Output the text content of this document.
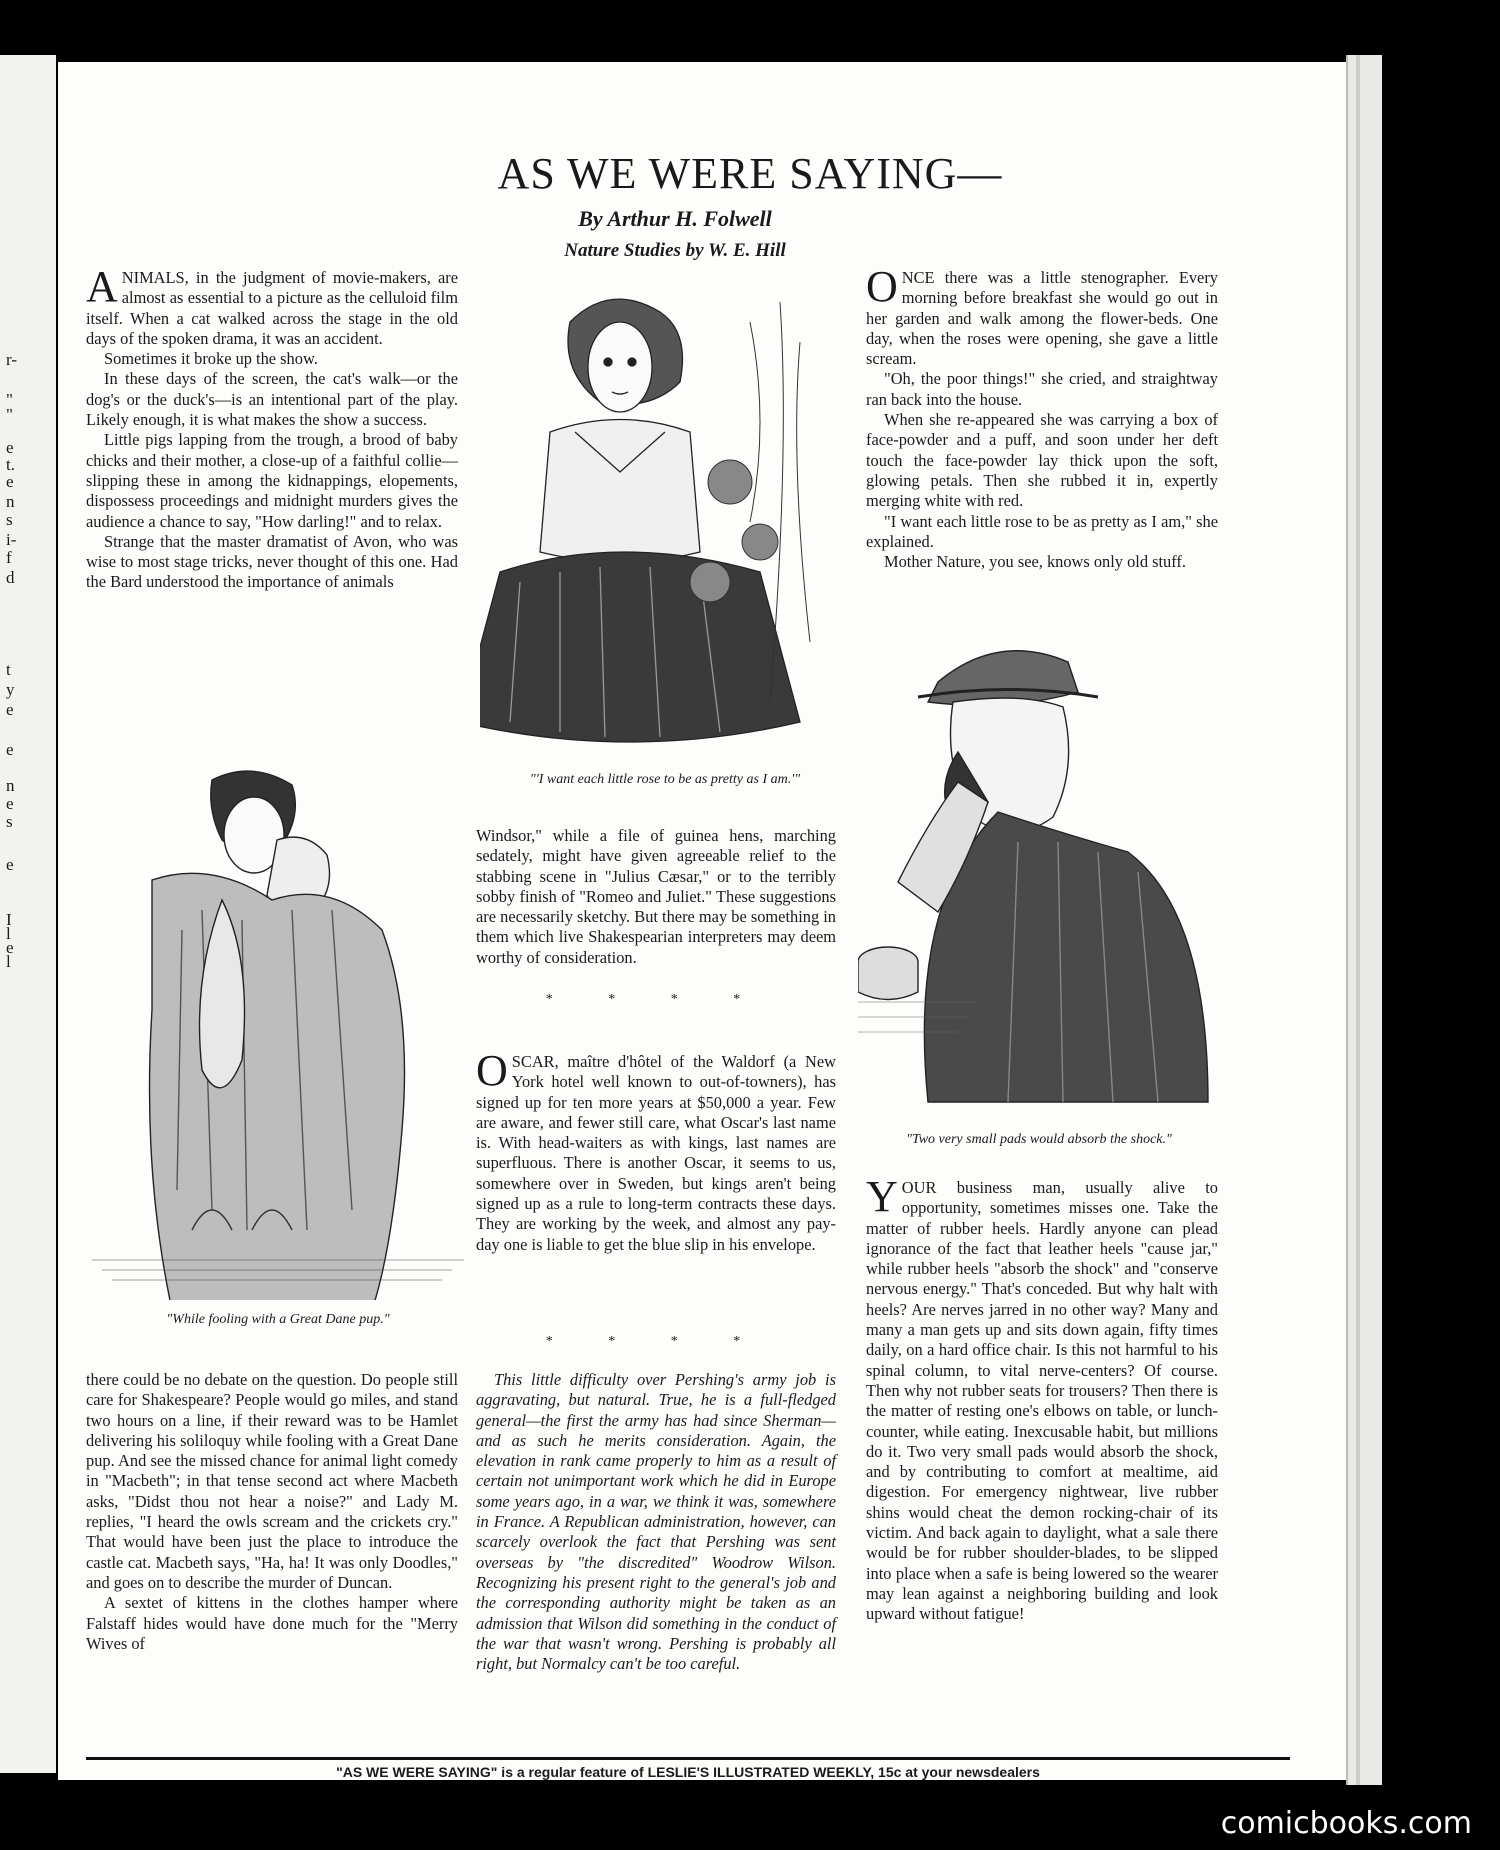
r-
"
"
e
t.
e
n
s
i-
f
d
t
y
e
e
n
e
s
e
I
l
e
l
AS WE WERE SAYING—
By Arthur H. Folwell
Nature Studies by W. E. Hill

ANIMALS, in the judgment of movie-makers, are almost as essential to a picture as the celluloid film itself. When a cat walked across the stage in the old days of the spoken drama, it was an accident.

Sometimes it broke up the show.

In these days of the screen, the cat's walk—or the dog's or the duck's—is an intentional part of the play. Likely enough, it is what makes the show a success.

Little pigs lapping from the trough, a brood of baby chicks and their mother, a close-up of a faithful collie—slipping these in among the kidnappings, elopements, dispossess proceedings and midnight murders gives the audience a chance to say, "How darling!" and to relax.

Strange that the master dramatist of Avon, who was wise to most stage tricks, never thought of this one. Had the Bard understood the importance of animals

"While fooling with a Great Dane pup."

there could be no debate on the question. Do people still care for Shakespeare? People would go miles, and stand two hours on a line, if their reward was to be Hamlet delivering his soliloquy while fooling with a Great Dane pup. And see the missed chance for animal light comedy in "Macbeth"; in that tense second act where Macbeth asks, "Didst thou not hear a noise?" and Lady M. replies, "I heard the owls scream and the crickets cry." That would have been just the place to introduce the castle cat. Macbeth says, "Ha, ha! It was only Doodles," and goes on to describe the murder of Duncan.

A sextet of kittens in the clothes hamper where Falstaff hides would have done much for the "Merry Wives of

"'I want each little rose to be as pretty as I am.'"

Windsor," while a file of guinea hens, marching sedately, might have given agreeable relief to the stabbing scene in "Julius Cæsar," or to the terribly sobby finish of "Romeo and Juliet." These suggestions are necessarily sketchy. But there may be something in them which live Shakespearian interpreters may deem worthy of consideration.

* * * *

OSCAR, maître d'hôtel of the Waldorf (a New York hotel well known to out-of-towners), has signed up for ten more years at $50,000 a year. Few are aware, and fewer still care, what Oscar's last name is. With head-waiters as with kings, last names are superfluous. There is another Oscar, it seems to us, somewhere over in Sweden, but kings aren't being signed up as a rule to long-term contracts these days. They are working by the week, and almost any pay-day one is liable to get the blue slip in his envelope.

* * * *

This little difficulty over Pershing's army job is aggravating, but natural. True, he is a full-fledged general—the first the army has had since Sherman—and as such he merits consideration. Again, the elevation in rank came properly to him as a result of certain not unimportant work which he did in Europe some years ago, in a war, we think it was, somewhere in France. A Republican administration, however, can scarcely overlook the fact that Pershing was sent overseas by "the discredited" Woodrow Wilson. Recognizing his present right to the general's job and the corresponding authority might be taken as an admission that Wilson did something in the conduct of the war that wasn't wrong. Pershing is probably all right, but Normalcy can't be too careful.

ONCE there was a little stenographer. Every morning before breakfast she would go out in her garden and walk among the flower-beds. One day, when the roses were opening, she gave a little scream.

"Oh, the poor things!" she cried, and straightway ran back into the house.

When she re-appeared she was carrying a box of face-powder and a puff, and soon under her deft touch the face-powder lay thick upon the soft, glowing petals. Then she rubbed it in, expertly merging white with red.

"I want each little rose to be as pretty as I am," she explained.

Mother Nature, you see, knows only old stuff.

"Two very small pads would absorb the shock."

YOUR business man, usually alive to opportunity, sometimes misses one. Take the matter of rubber heels. Hardly anyone can plead ignorance of the fact that leather heels "cause jar," while rubber heels "absorb the shock" and "conserve nervous energy." That's conceded. But why halt with heels? Are nerves jarred in no other way? Many and many a man gets up and sits down again, fifty times daily, on a hard office chair. Is this not harmful to his spinal column, to vital nerve-centers? Of course. Then why not rubber seats for trousers? Then there is the matter of resting one's elbows on table, or lunch-counter, while eating. Inexcusable habit, but millions do it. Two very small pads would absorb the shock, and by contributing to comfort at mealtime, aid digestion. For emergency nightwear, live rubber shins would cheat the demon rocking-chair of its victim. And back again to daylight, what a sale there would be for rubber shoulder-blades, to be slipped into place when a safe is being lowered so the wearer may lean against a neighboring building and look upward without fatigue!

"AS WE WERE SAYING" is a regular feature of LESLIE'S ILLUSTRATED WEEKLY, 15c at your newsdealers
comicbooks.com
